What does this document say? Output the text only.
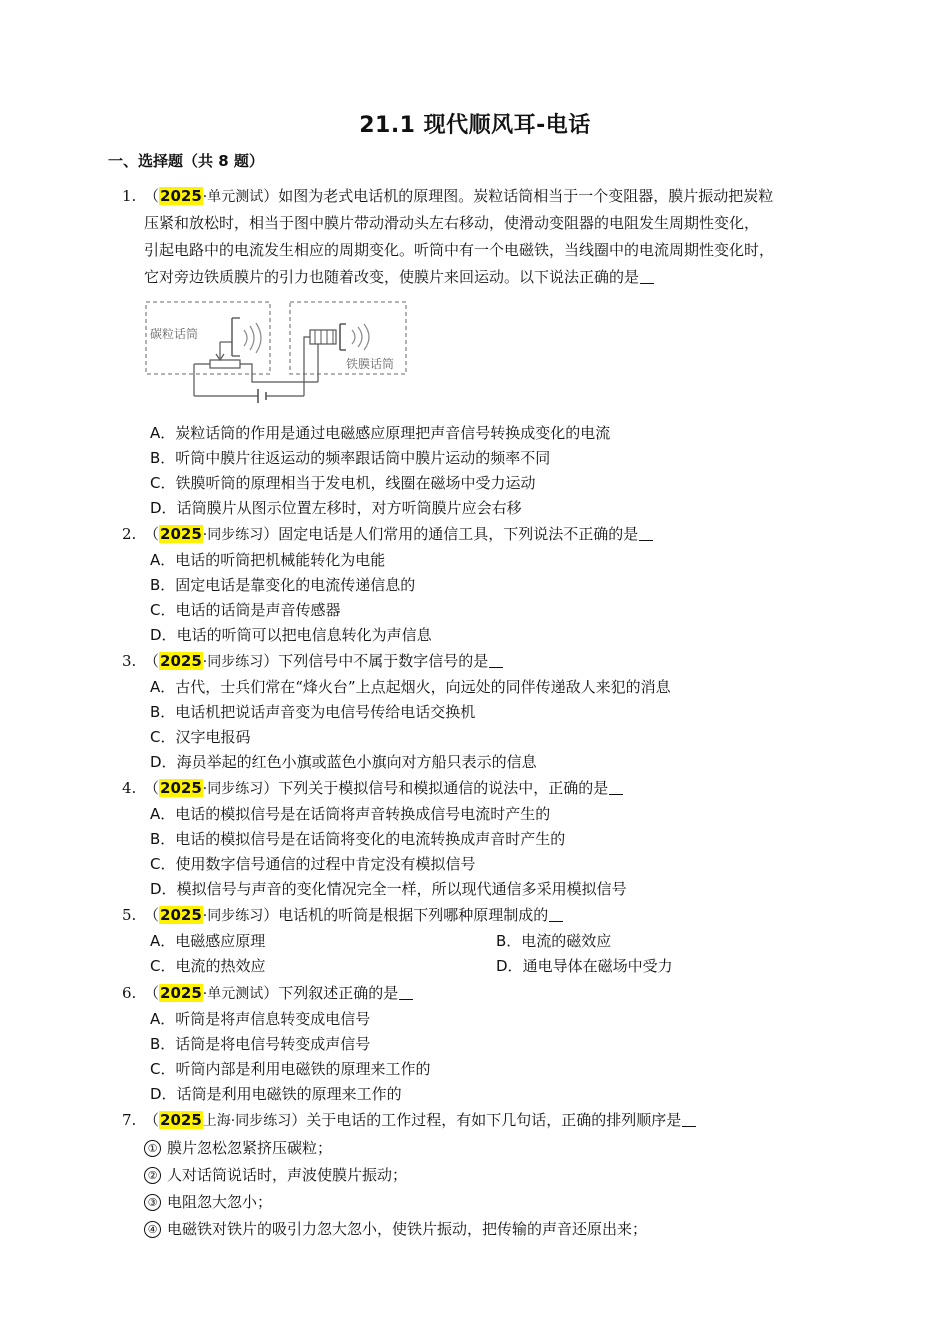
21.1 现代顺风耳-电话
一、选择题（共 8 题）
1. （2025·单元测试）如图为老式电话机的原理图。炭粒话筒相当于一个变阻器，膜片振动把炭粒
压紧和放松时，相当于图中膜片带动滑动头左右移动，使滑动变阻器的电阻发生周期性变化，
引起电路中的电流发生相应的周期变化。听筒中有一个电磁铁，当线圈中的电流周期性变化时，
它对旁边铁质膜片的引力也随着改变，使膜片来回运动。以下说法正确的是
碳粒话筒
铁膜话筒
A．炭粒话筒的作用是通过电磁感应原理把声音信号转换成变化的电流
B．听筒中膜片往返运动的频率跟话筒中膜片运动的频率不同
C．铁膜听筒的原理相当于发电机，线圈在磁场中受力运动
D．话筒膜片从图示位置左移时，对方听筒膜片应会右移
2. （2025·同步练习）固定电话是人们常用的通信工具，下列说法不正确的是
A．电话的听筒把机械能转化为电能
B．固定电话是靠变化的电流传递信息的
C．电话的话筒是声音传感器
D．电话的听筒可以把电信息转化为声信息
3. （2025·同步练习）下列信号中不属于数字信号的是
A．古代，士兵们常在“烽火台”上点起烟火，向远处的同伴传递敌人来犯的消息
B．电话机把说话声音变为电信号传给电话交换机
C．汉字电报码
D．海员举起的红色小旗或蓝色小旗向对方船只表示的信息
4. （2025·同步练习）下列关于模拟信号和模拟通信的说法中，正确的是
A．电话的模拟信号是在话筒将声音转换成信号电流时产生的
B．电话的模拟信号是在话筒将变化的电流转换成声音时产生的
C．使用数字信号通信的过程中肯定没有模拟信号
D．模拟信号与声音的变化情况完全一样，所以现代通信多采用模拟信号
5. （2025·同步练习）电话机的听筒是根据下列哪种原理制成的
A．电磁感应原理	B．电流的磁效应
C．电流的热效应	D．通电导体在磁场中受力
6. （2025·单元测试）下列叙述正确的是
A．听筒是将声信息转变成电信号
B．话筒是将电信号转变成声信号
C．听筒内部是利用电磁铁的原理来工作的
D．话筒是利用电磁铁的原理来工作的
7. （2025上海·同步练习）关于电话的工作过程，有如下几句话，正确的排列顺序是
① 膜片忽松忽紧挤压碳粒；
② 人对话筒说话时，声波使膜片振动；
③ 电阻忽大忽小；
④ 电磁铁对铁片的吸引力忽大忽小，使铁片振动，把传输的声音还原出来；
